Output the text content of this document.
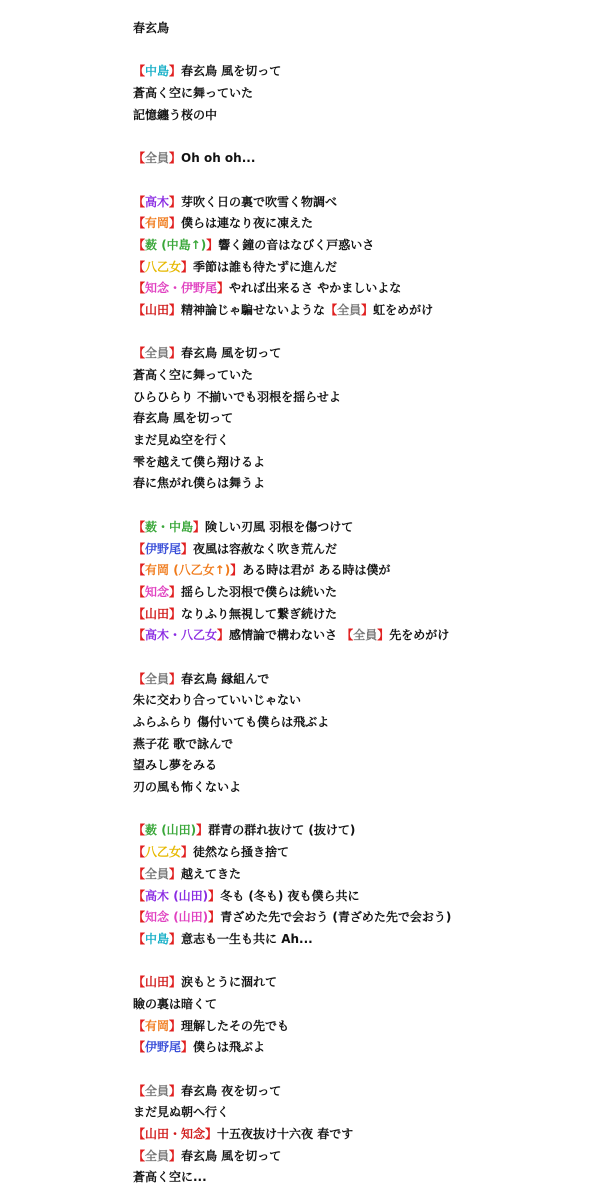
春玄鳥
【中島】春玄鳥 風を切って
蒼高く空に舞っていた
記憶纏う桜の中
【全員】Oh oh oh...
【高木】芽吹く日の裏で吹雪く物調べ
【有岡】僕らは連なり夜に凍えた
【薮 (中島↑)】響く鐘の音はなびく戸惑いさ
【八乙女】季節は誰も待たずに進んだ
【知念・伊野尾】やれば出来るさ やかましいよな
【山田】精神論じゃ騙せないような【全員】虹をめがけ
【全員】春玄鳥 風を切って
蒼高く空に舞っていた
ひらひらり 不揃いでも羽根を揺らせよ
春玄鳥 風を切って
まだ見ぬ空を行く
雫を越えて僕ら翔けるよ
春に焦がれ僕らは舞うよ
【薮・中島】険しい刃風 羽根を傷つけて
【伊野尾】夜風は容赦なく吹き荒んだ
【有岡 (八乙女↑)】ある時は君が ある時は僕が
【知念】揺らした羽根で僕らは続いた
【山田】なりふり無視して繋ぎ続けた
【高木・八乙女】感情論で構わないさ 【全員】先をめがけ
【全員】春玄鳥 縁組んで
朱に交わり合っていいじゃない
ふらふらり 傷付いても僕らは飛ぶよ
燕子花 歌で詠んで
望みし夢をみる
刃の風も怖くないよ
【薮 (山田)】群青の群れ抜けて (抜けて)
【八乙女】徒然なら掻き捨て
【全員】越えてきた
【高木 (山田)】冬も (冬も) 夜も僕ら共に
【知念 (山田)】青ざめた先で会おう (青ざめた先で会おう)
【中島】意志も一生も共に Ah...
【山田】涙もとうに涸れて
瞼の裏は暗くて
【有岡】理解したその先でも
【伊野尾】僕らは飛ぶよ
【全員】春玄鳥 夜を切って
まだ見ぬ朝へ行く
【山田・知念】十五夜抜け十六夜 春です
【全員】春玄鳥 風を切って
蒼高く空に...
